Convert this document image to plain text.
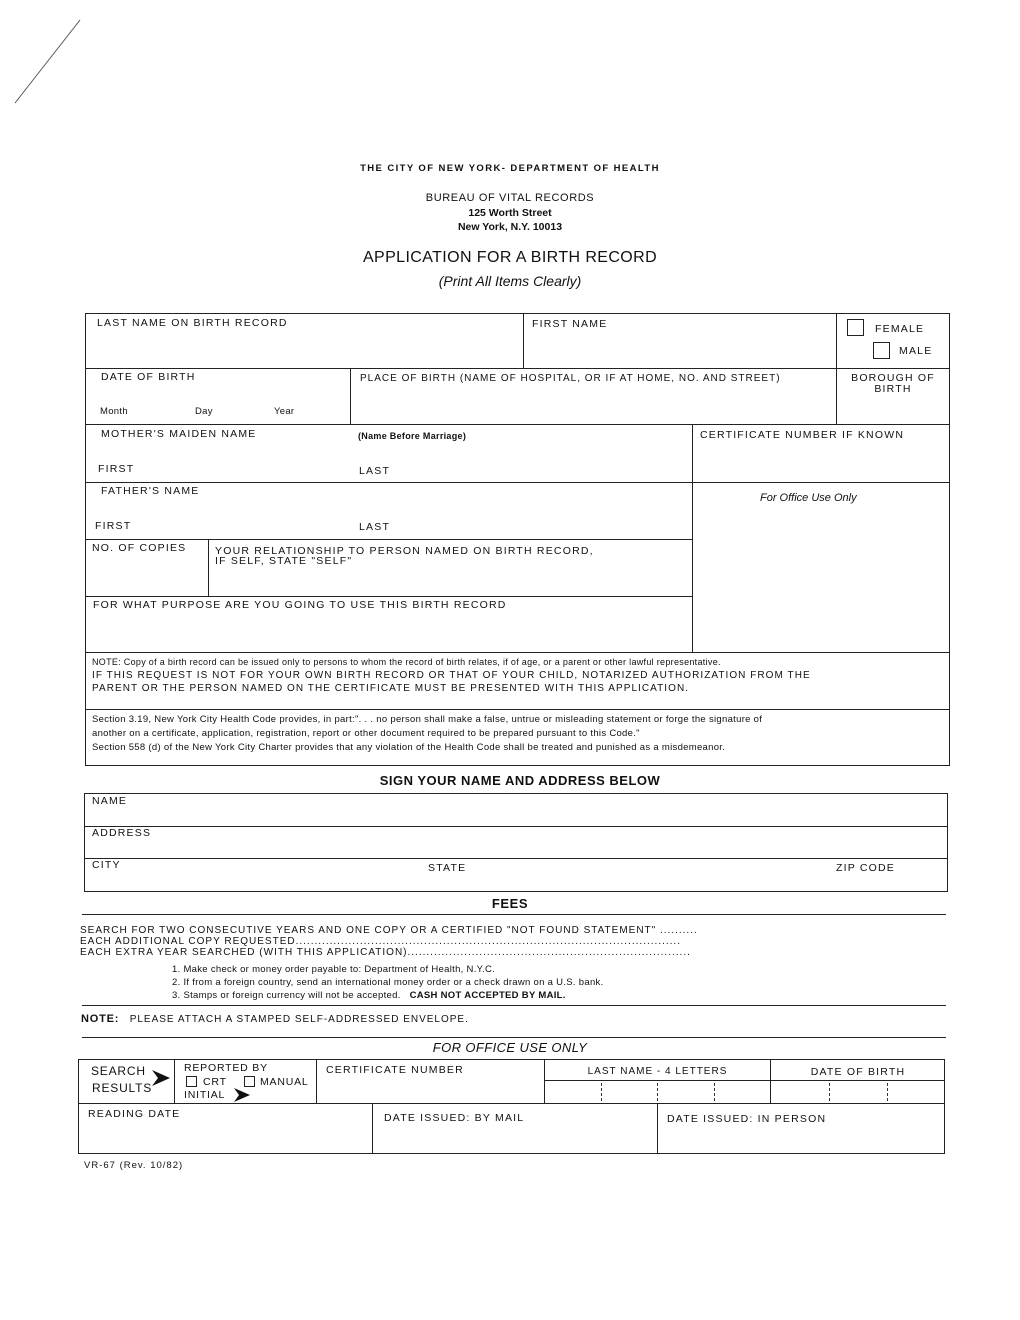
THE CITY OF NEW YORK- DEPARTMENT OF HEALTH
BUREAU OF VITAL RECORDS
125 Worth Street
New York, N.Y. 10013
APPLICATION FOR A BIRTH RECORD
(Print All Items Clearly)
LAST NAME ON BIRTH RECORD	FIRST NAME	FEMALE
MALE
DATE OF BIRTH
Month	Day	Year
PLACE OF BIRTH (NAME OF HOSPITAL, OR IF AT HOME, NO. AND STREET)	BOROUGH OF
BIRTH
MOTHER'S MAIDEN NAME	(Name Before Marriage)
FIRST	LAST
CERTIFICATE NUMBER IF KNOWN
FATHER'S NAME
FIRST	LAST
For Office Use Only
NO. OF COPIES	YOUR RELATIONSHIP TO PERSON NAMED ON BIRTH RECORD,
IF SELF, STATE "SELF"
FOR WHAT PURPOSE ARE YOU GOING TO USE THIS BIRTH RECORD
NOTE: Copy of a birth record can be issued only to persons to whom the record of birth relates, if of age, or a parent or other lawful representative.
IF THIS REQUEST IS NOT FOR YOUR OWN BIRTH RECORD OR THAT OF YOUR CHILD, NOTARIZED AUTHORIZATION FROM THE
PARENT OR THE PERSON NAMED ON THE CERTIFICATE MUST BE PRESENTED WITH THIS APPLICATION.
Section 3.19, New York City Health Code provides, in part:". . . no person shall make a false, untrue or misleading statement or forge the signature of
another on a certificate, application, registration, report or other document required to be prepared pursuant to this Code."
Section 558 (d) of the New York City Charter provides that any violation of the Health Code shall be treated and punished as a misdemeanor.
SIGN YOUR NAME AND ADDRESS BELOW
NAME
ADDRESS
CITY	STATE	ZIP CODE
FEES
SEARCH FOR TWO CONSECUTIVE YEARS AND ONE COPY OR A CERTIFIED "NOT FOUND STATEMENT" ..........
EACH ADDITIONAL COPY REQUESTED......................................................................................................
EACH EXTRA YEAR SEARCHED (WITH THIS APPLICATION)...........................................................................
1. Make check or money order payable to: Department of Health, N.Y.C.
2. If from a foreign country, send an international money order or a check drawn on a U.S. bank.
3. Stamps or foreign currency will not be accepted. CASH NOT ACCEPTED BY MAIL.
NOTE: PLEASE ATTACH A STAMPED SELF-ADDRESSED ENVELOPE.
FOR OFFICE USE ONLY
SEARCH
RESULTS
REPORTED BY
CRT	MANUAL
INITIAL
CERTIFICATE NUMBER	LAST NAME - 4 LETTERS	DATE OF BIRTH
READING DATE	DATE ISSUED: BY MAIL	DATE ISSUED: IN PERSON
VR-67 (Rev. 10/82)
